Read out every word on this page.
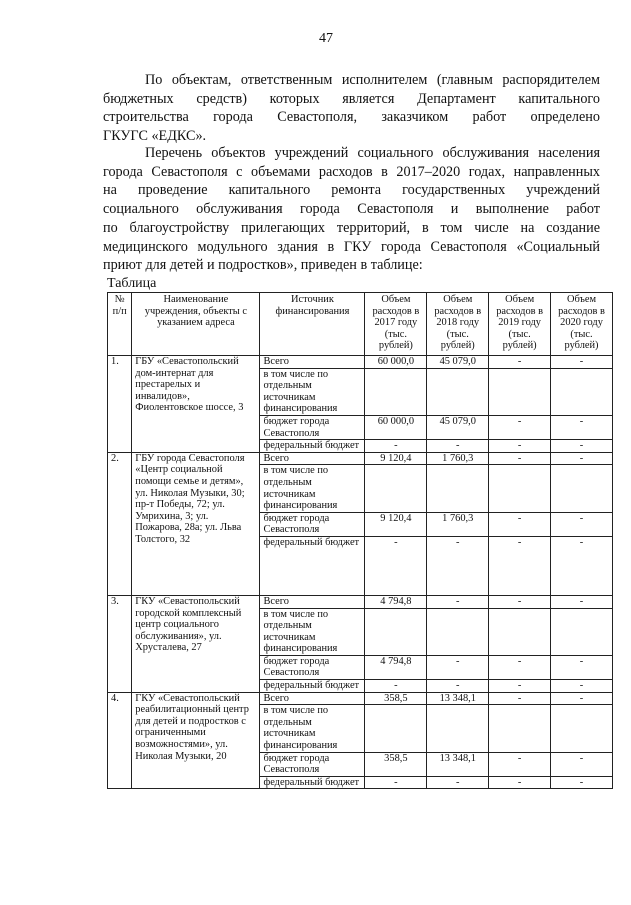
47
По объектам, ответственным исполнителем (главным распорядителем
бюджетных средств) которых является Департамент капитального
строительства города Севастополя, заказчиком работ определено
ГКУГС «ЕДКС».
Перечень объектов учреждений социального обслуживания населения
города Севастополя с объемами расходов в 2017–2020 годах, направленных
на проведение капитального ремонта государственных учреждений
социального обслуживания города Севастополя и выполнение работ
по благоустройству прилегающих территорий, в том числе на создание
медицинского модульного здания в ГКУ города Севастополя «Социальный
приют для детей и подростков», приведен в таблице:
Таблица
№ п/п	Наименование учреждения, объекты с указанием адреса	Источник финансирования	Объем расходов в 2017 году (тыс. рублей)	Объем расходов в 2018 году (тыс. рублей)	Объем расходов в 2019 году (тыс. рублей)	Объем расходов в 2020 году (тыс. рублей)
1.	ГБУ «Севастопольский дом-интернат для престарелых и инвалидов», Фиолентовское шоссе, 3	Всего	60 000,0	45 079,0	-	-
		в том числе по отдельным источникам финансирования				
		бюджет города Севастополя	60 000,0	45 079,0	-	-
		федеральный бюджет	-	-	-	-
2.	ГБУ города Севастополя «Центр социальной помощи семье и детям», ул. Николая Музыки, 30; пр-т Победы, 72; ул. Умрихина, 3; ул. Пожарова, 28а; ул. Льва Толстого, 32	Всего	9 120,4	1 760,3	-	-
		в том числе по отдельным источникам финансирования				
		бюджет города Севастополя	9 120,4	1 760,3	-	-
		федеральный бюджет	-	-	-	-
3.	ГКУ «Севастопольский городской комплексный центр социального обслуживания», ул. Хрусталева, 27	Всего	4 794,8	-	-	-
		в том числе по отдельным источникам финансирования				
		бюджет города Севастополя	4 794,8	-	-	-
		федеральный бюджет	-	-	-	-
4.	ГКУ «Севастопольский реабилитационный центр для детей и подростков с ограниченными возможностями», ул. Николая Музыки, 20	Всего	358,5	13 348,1	-	-
		в том числе по отдельным источникам финансирования				
		бюджет города Севастополя	358,5	13 348,1	-	-
		федеральный бюджет	-	-	-	-
